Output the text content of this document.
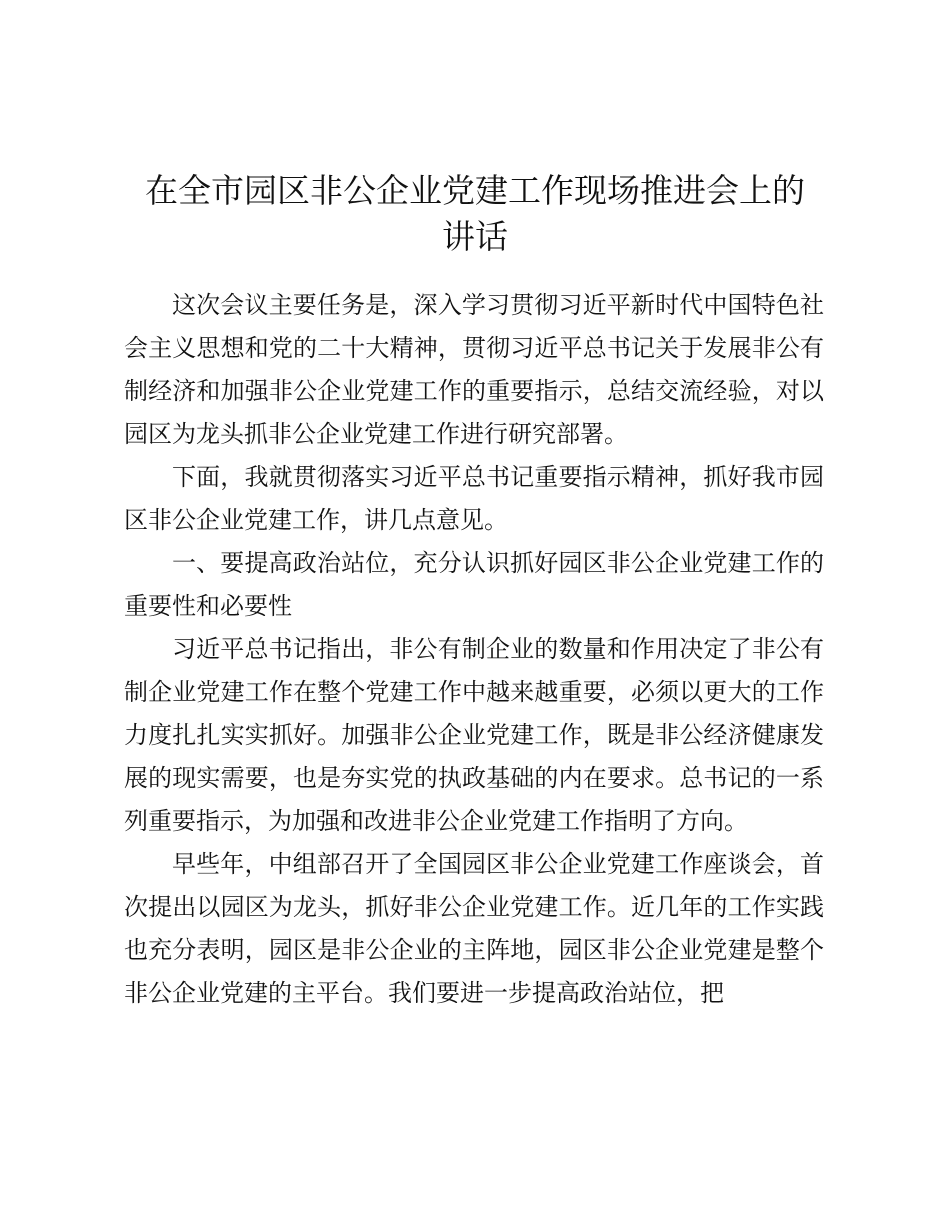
在全市园区非公企业党建工作现场推进会上的
讲话

这次会议主要任务是，深入学习贯彻习近平新时代中国特色社会主义思想和党的二十大精神，贯彻习近平总书记关于发展非公有制经济和加强非公企业党建工作的重要指示，总结交流经验，对以园区为龙头抓非公企业党建工作进行研究部署。

下面，我就贯彻落实习近平总书记重要指示精神，抓好我市园区非公企业党建工作，讲几点意见。

一、要提高政治站位，充分认识抓好园区非公企业党建工作的重要性和必要性

习近平总书记指出，非公有制企业的数量和作用决定了非公有制企业党建工作在整个党建工作中越来越重要，必须以更大的工作力度扎扎实实抓好。加强非公企业党建工作，既是非公经济健康发展的现实需要，也是夯实党的执政基础的内在要求。总书记的一系列重要指示，为加强和改进非公企业党建工作指明了方向。

早些年，中组部召开了全国园区非公企业党建工作座谈会，首次提出以园区为龙头，抓好非公企业党建工作。近几年的工作实践也充分表明，园区是非公企业的主阵地，园区非公企业党建是整个非公企业党建的主平台。我们要进一步提高政治站位，把
